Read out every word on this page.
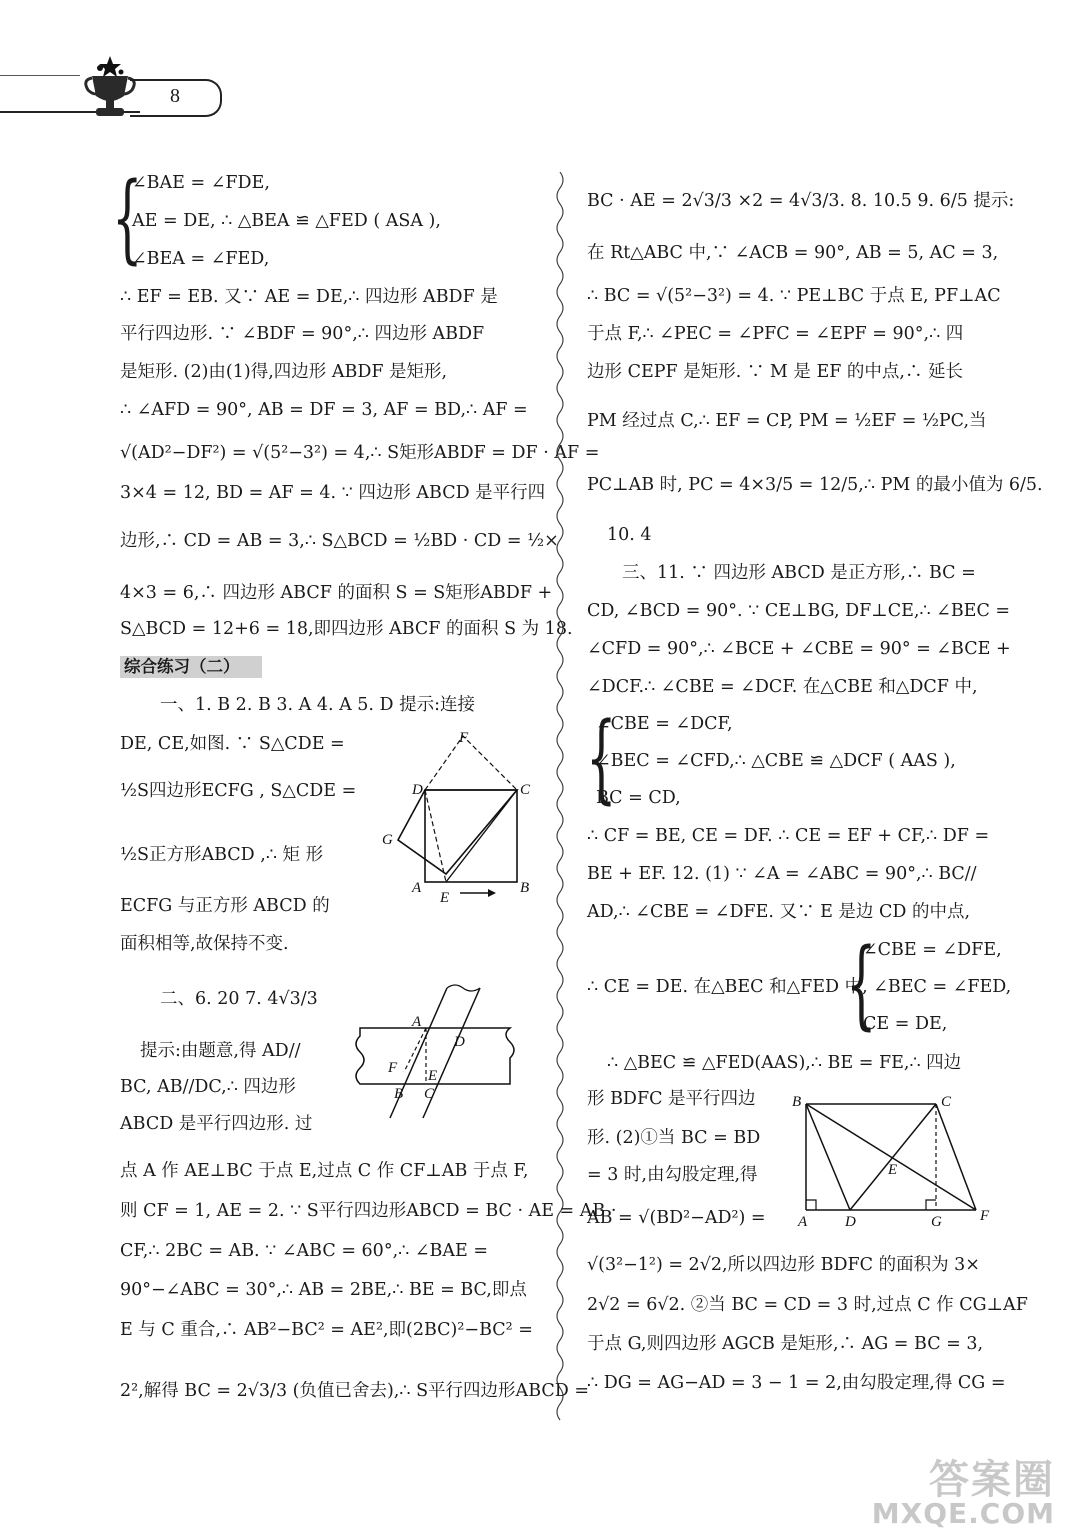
8
{
∠BAE = ∠FDE,
AE = DE, ∴ △BEA ≌ △FED ( ASA ),
∠BEA = ∠FED,
∴ EF = EB. 又∵ AE = DE,∴ 四边形 ABDF 是
平行四边形. ∵ ∠BDF = 90°,∴ 四边形 ABDF
是矩形. (2)由(1)得,四边形 ABDF 是矩形,
∴ ∠AFD = 90°, AB = DF = 3, AF = BD,∴ AF =
√(AD²−DF²) = √(5²−3²) = 4,∴ S矩形ABDF = DF · AF =
3×4 = 12, BD = AF = 4. ∵ 四边形 ABCD 是平行四
边形,∴ CD = AB = 3,∴ S△BCD = ½BD · CD = ½×
4×3 = 6,∴ 四边形 ABCF 的面积 S = S矩形ABDF +
S△BCD = 12+6 = 18,即四边形 ABCF 的面积 S 为 18.
综合练习（二）
一、1. B 2. B 3. A 4. A 5. D 提示:连接
DE, CE,如图. ∵ S△CDE =
½S四边形ECFG , S△CDE =
½S正方形ABCD ,∴ 矩 形
ECFG 与正方形 ABCD 的
面积相等,故保持不变.
F
D	C
G
A
E
B
二、6. 20 7. 4√3/3
提示:由题意,得 AD//
BC, AB//DC,∴ 四边形
ABCD 是平行四边形. 过
A
D
F E
B C
点 A 作 AE⊥BC 于点 E,过点 C 作 CF⊥AB 于点 F,
则 CF = 1, AE = 2. ∵ S平行四边形ABCD = BC · AE = AB ·
CF,∴ 2BC = AB. ∵ ∠ABC = 60°,∴ ∠BAE =
90°−∠ABC = 30°,∴ AB = 2BE,∴ BE = BC,即点
E 与 C 重合,∴ AB²−BC² = AE²,即(2BC)²−BC² =
2²,解得 BC = 2√3/3 (负值已舍去),∴ S平行四边形ABCD =
BC · AE = 2√3/3 ×2 = 4√3/3. 8. 10.5 9. 6/5 提示:
在 Rt△ABC 中,∵ ∠ACB = 90°, AB = 5, AC = 3,
∴ BC = √(5²−3²) = 4. ∵ PE⊥BC 于点 E, PF⊥AC
于点 F,∴ ∠PEC = ∠PFC = ∠EPF = 90°,∴ 四
边形 CEPF 是矩形. ∵ M 是 EF 的中点,∴ 延长
PM 经过点 C,∴ EF = CP, PM = ½EF = ½PC,当
PC⊥AB 时, PC = 4×3/5 = 12/5,∴ PM 的最小值为 6/5.
10. 4
三、11. ∵ 四边形 ABCD 是正方形,∴ BC =
CD, ∠BCD = 90°. ∵ CE⊥BG, DF⊥CE,∴ ∠BEC =
∠CFD = 90°,∴ ∠BCE + ∠CBE = 90° = ∠BCE +
∠DCF.∴ ∠CBE = ∠DCF. 在△CBE 和△DCF 中,
{
∠CBE = ∠DCF,
∠BEC = ∠CFD,∴ △CBE ≌ △DCF ( AAS ),
BC = CD,
∴ CF = BE, CE = DF. ∴ CE = EF + CF,∴ DF =
BE + EF. 12. (1) ∵ ∠A = ∠ABC = 90°,∴ BC//
AD,∴ ∠CBE = ∠DFE. 又∵ E 是边 CD 的中点,
{
∠CBE = ∠DFE,
∴ CE = DE. 在△BEC 和△FED 中, ∠BEC = ∠FED,
CE = DE,
∴ △BEC ≌ △FED(AAS),∴ BE = FE,∴ 四边
形 BDFC 是平行四边
形. (2)①当 BC = BD
= 3 时,由勾股定理,得
AB = √(BD²−AD²) =
B	C
E
A	D	G	F
√(3²−1²) = 2√2,所以四边形 BDFC 的面积为 3×
2√2 = 6√2. ②当 BC = CD = 3 时,过点 C 作 CG⊥AF
于点 G,则四边形 AGCB 是矩形,∴ AG = BC = 3,
∴ DG = AG−AD = 3 − 1 = 2,由勾股定理,得 CG =
答案圈
MXQE.COM
